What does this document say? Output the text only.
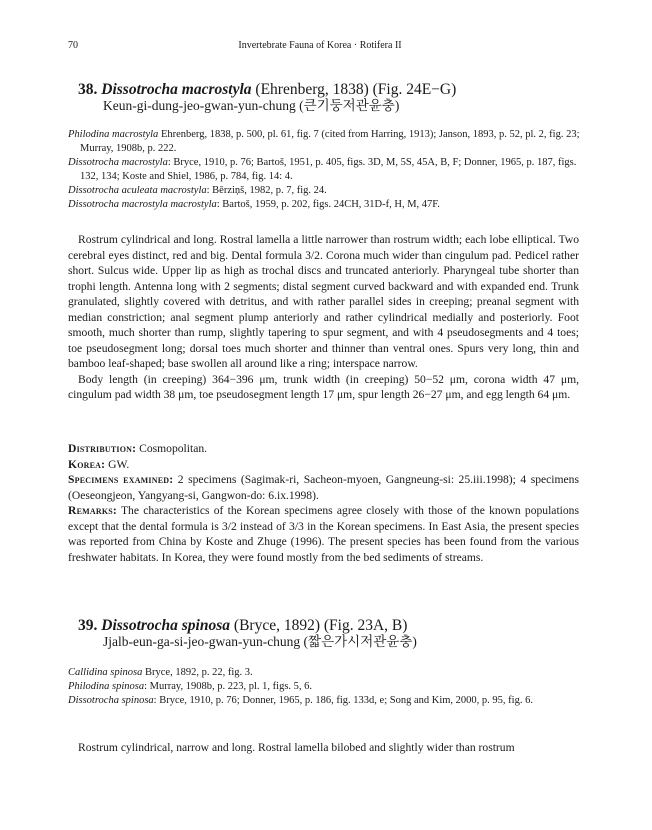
70	Invertebrate Fauna of Korea · Rotifera II
38. Dissotrocha macrostyla (Ehrenberg, 1838) (Fig. 24E−G)
Keun-gi-dung-jeo-gwan-yun-chung (큰기둥저관윤충)

Philodina macrostyla Ehrenberg, 1838, p. 500, pl. 61, fig. 7 (cited from Harring, 1913); Janson, 1893, p. 52, pl. 2, fig. 23; Murray, 1908b, p. 222.

Dissotrocha macrostyla: Bryce, 1910, p. 76; Bartoš, 1951, p. 405, figs. 3D, M, 5S, 45A, B, F; Donner, 1965, p. 187, figs. 132, 134; Koste and Shiel, 1986, p. 784, fig. 14: 4.

Dissotrocha aculeata macrostyla: Bērziņš, 1982, p. 7, fig. 24.

Dissotrocha macrostyla macrostyla: Bartoš, 1959, p. 202, figs. 24CH, 31D-f, H, M, 47F.

Rostrum cylindrical and long. Rostral lamella a little narrower than rostrum width; each lobe elliptical. Two cerebral eyes distinct, red and big. Dental formula 3/2. Corona much wider than cingulum pad. Pedicel rather short. Sulcus wide. Upper lip as high as trochal discs and truncated anteriorly. Pharyngeal tube shorter than trophi length. Antenna long with 2 segments; distal segment curved backward and with expanded end. Trunk granulated, slightly covered with detritus, and with rather parallel sides in creeping; preanal segment with median constriction; anal segment plump anteriorly and rather cylindrical medially and posteriorly. Foot smooth, much shorter than rump, slightly tapering to spur segment, and with 4 pseudosegments and 4 toes; toe pseudosegment long; dorsal toes much shorter and thinner than ventral ones. Spurs very long, thin and bamboo leaf-shaped; base swollen all around like a ring; interspace narrow.

Body length (in creeping) 364−396 μm, trunk width (in creeping) 50−52 μm, corona width 47 μm, cingulum pad width 38 μm, toe pseudosegment length 17 μm, spur length 26−27 μm, and egg length 64 μm.

Distribution: Cosmopolitan.

Korea: GW.

Specimens examined: 2 specimens (Sagimak-ri, Sacheon-myoen, Gangneung-si: 25.iii.1998); 4 specimens (Oeseongjeon, Yangyang-si, Gangwon-do: 6.ix.1998).

Remarks: The characteristics of the Korean specimens agree closely with those of the known populations except that the dental formula is 3/2 instead of 3/3 in the Korean specimens. In East Asia, the present species was reported from China by Koste and Zhuge (1996). The present species has been found from the various freshwater habitats. In Korea, they were found mostly from the bed sediments of streams.

39. Dissotrocha spinosa (Bryce, 1892) (Fig. 23A, B)
Jjalb-eun-ga-si-jeo-gwan-yun-chung (짧은가시저관윤충)

Callidina spinosa Bryce, 1892, p. 22, fig. 3.

Philodina spinosa: Murray, 1908b, p. 223, pl. 1, figs. 5, 6.

Dissotrocha spinosa: Bryce, 1910, p. 76; Donner, 1965, p. 186, fig. 133d, e; Song and Kim, 2000, p. 95, fig. 6.

Rostrum cylindrical, narrow and long. Rostral lamella bilobed and slightly wider than rostrum
